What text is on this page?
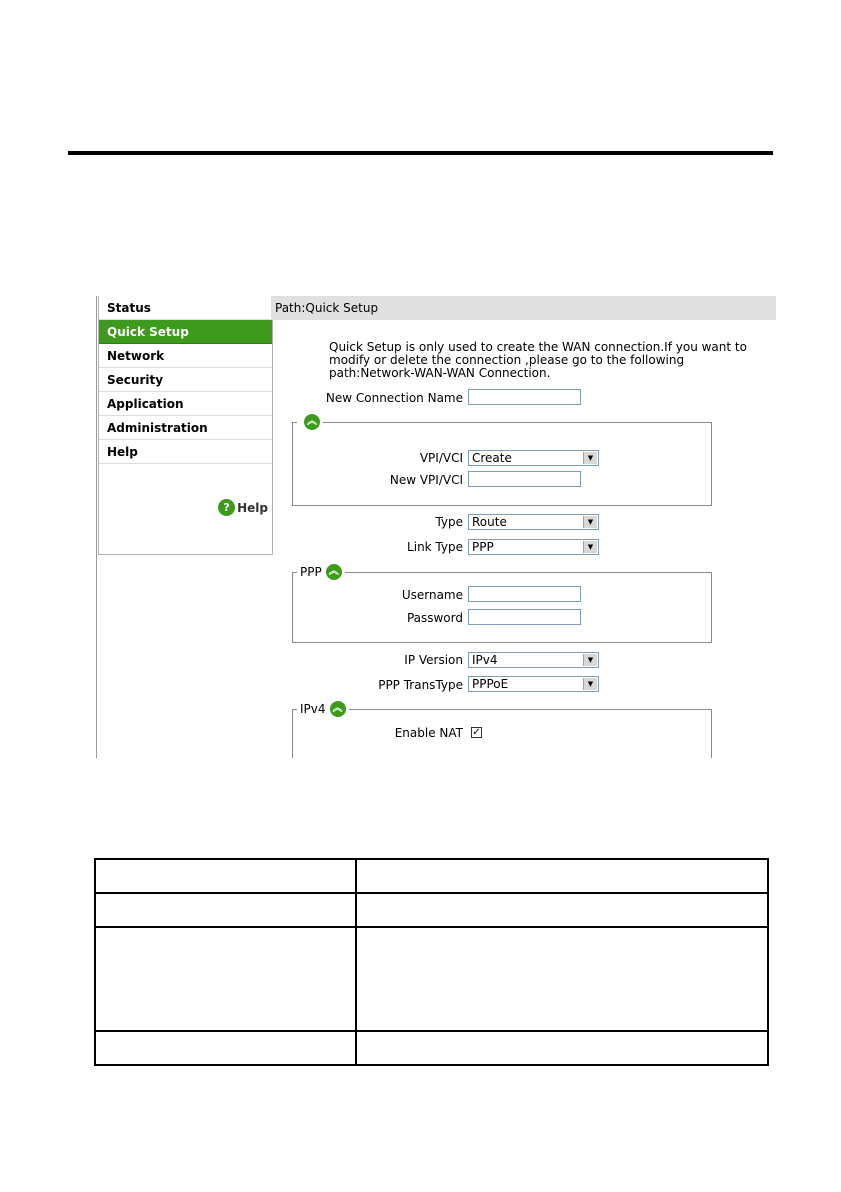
Status
Quick Setup
Network
Security
Application
Administration
Help
? Help
Path:Quick Setup
Quick Setup is only used to create the WAN connection.If you want to modify or delete the connection ,please go to the following path:Network-WAN-WAN Connection.
New Connection Name
︽
VPI/VCI Create	▼
New VPI/VCI
Type Route	▼
Link Type PPP	▼
PPP ︽
Username
Password
IP Version IPv4	▼
PPP TransType PPPoE	▼
IPv4 ︽
Enable NAT ✓
